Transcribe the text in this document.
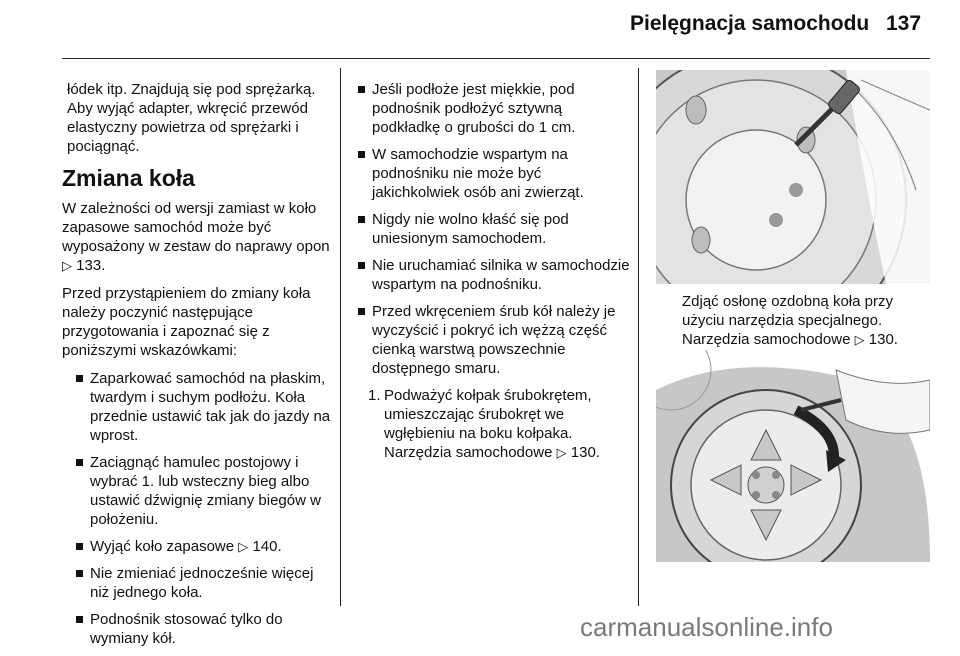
Pielęgnacja samochodu 137

łódek itp. Znajdują się pod sprężarką. Aby wyjąć adapter, wkręcić przewód elastyczny powietrza od sprężarki i pociągnąć.

Zmiana koła

W zależności od wersji zamiast w koło zapasowe samochód może być wyposażony w zestaw do naprawy opon ▷ 133.

Przed przystąpieniem do zmiany koła należy poczynić następujące przygotowania i zapoznać się z poniższymi wskazówkami:

Zaparkować samochód na płaskim, twardym i suchym podłożu. Koła przednie ustawić tak jak do jazdy na wprost.
Zaciągnąć hamulec postojowy i wybrać 1. lub wsteczny bieg albo ustawić dźwignię zmiany biegów w położeniu.
Wyjąć koło zapasowe ▷ 140.
Nie zmieniać jednocześnie więcej niż jednego koła.
Podnośnik stosować tylko do wymiany kół.
Jeśli podłoże jest miękkie, pod podnośnik podłożyć sztywną podkładkę o grubości do 1 cm.
W samochodzie wspartym na podnośniku nie może być jakichkolwiek osób ani zwierząt.
Nigdy nie wolno kłaść się pod uniesionym samochodem.
Nie uruchamiać silnika w samochodzie wspartym na podnośniku.
Przed wkręceniem śrub kół należy je wyczyścić i pokryć ich wężzą część cienką warstwą powszechnie dostępnego smaru.
1. Podważyć kołpak śrubokrętem, umieszczając śrubokręt we wgłębieniu na boku kołpaka. Narzędzia samochodowe ▷ 130.
Zdjąć osłonę ozdobną koła przy użyciu narzędzia specjalnego. Narzędzia samochodowe ▷ 130.
carmanualsonline.info
